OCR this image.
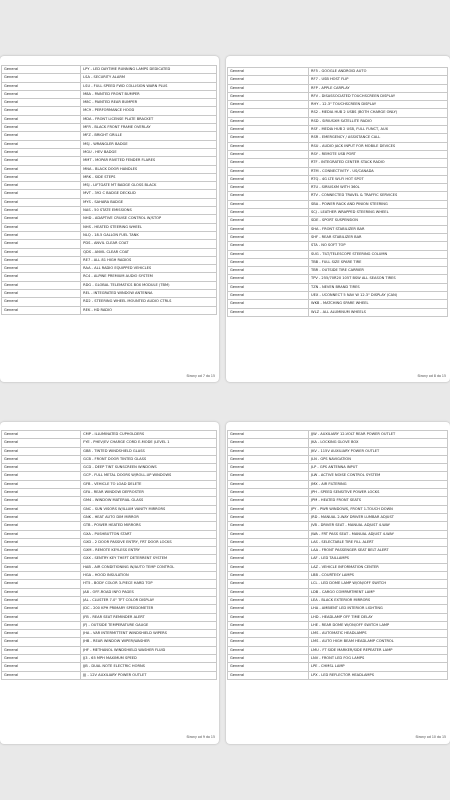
General	LPY - LED DAYTIME RUNNING LAMPS DEDICATED
General	LSA - SECURITY ALARM
General	LSU - FULL SPEED FWD COLLISION WARN PLUS
General	M8A - PAINTED FRONT BUMPER
General	M8C - PAINTED REAR BUMPER
General	MC9 - PERFORMANCE HOOD
General	MDA - FRONT LICENSE PLATE BRACKET
General	MFR - BLACK FRONT FRAME OVERLAY
General	MFZ - BRIGHT GRILLE
General	MSJ - WRANGLER BADGE
General	MGU - HEV BADGE
General	MMT - MOPAR RIVETED FENDER FLARES
General	MNA - BLACK DOOR HANDLES
General	MRK - SIDE STEPS
General	MSJ - LIFTGATE MT BADGE GLOSS BLACK
General	MVT - 392 C BADGE DECKLID
General	MYS - SAHARA BADGE
General	NAS - 50 STATE EMISSIONS
General	NHD - ADAPTIVE CRUISE CONTROL W/STOP
General	NHS - HEATED STEERING WHEEL
General	NLQ - 18.5 GALLON FUEL TANK
General	PDS - ANVIL CLEAR COAT
General	QDS - ANVIL CLEAR COAT
General	RE7 - ALL 81 HIGH RADIOS
General	RAA - ALL RADIO EQUIPPED VEHICLES
General	RC4 - ALPINE PREMIUM AUDIO SYSTEM
General	RDG - GLOBAL TELEMATICS BOX MODULE (TBM)
General	REL - INTEGRATED WINDOW ANTENNA
General	RD2 - STEERING WHEEL MOUNTED AUDIO CTRLS
General	REK - HD RADIO
Strony od 7 do 15
General	RF5 - GOOGLE ANDROID AUTO
General	RF7 - USB HOST FLIP
General	RFP - APPLE CARPLAY
General	RFV - DISASSOCIATED TOUCHSCREEN DISPLAY
General	RHY - 12.3" TOUCHSCREEN DISPLAY
General	RS2 - MEDIA HUB 2 USBS (BOTH CHARGE ONLY)
General	RSD - SIRIUSXM SATELLITE RADIO
General	RSF - MEDIA HUB 2 USB, FULL FUNCT, AUX
General	RSR - EMERGENCY / ASSISTANCE CALL
General	RSU - AUDIO JACK INPUT FOR MOBILE DEVICES
General	RSY - REMOTE USB PORT
General	RTF - INTEGRATED CENTER STACK RADIO
General	RTM - CONNECTIVITY - US/CANADA
General	RTQ - 4G LTE WI-FI HOT SPOT
General	RTU - SIRIUSXM WITH 360L
General	RTV - CONNECTED TRAVEL & TRAFFIC SERVICES
General	SBA - POWER RACK AND PINION STEERING
General	SCJ - LEATHER WRAPPED STEERING WHEEL
General	SDE - SPORT SUSPENSION
General	SHA - FRONT STABILIZER BAR
General	SHF - REAR STABILIZER BAR
General	STA - NO SOFT TOP
General	SUG - TILT/TELESCOPE STEERING COLUMN
General	TBB - FULL SIZE SPARE TIRE
General	TBR - OUTSIDE TIRE CARRIER
General	TPV - 255/70R20 105T BSW ALL SEASON TIRES
General	TZN - NEVEN BRAND TIRES
General	UEX - UCONNECT 5 NAV W 12.3" DISPLAY (CAN)
General	WKB - MATCHING SPARE WHEEL
General	WLZ - ALL ALUMINUM WHEELS
Strony od 8 do 15
General	CMP - ILLUMINATED CUPHOLDERS
General	FYE - PHEV/EV CHARGE CORD E-MODE (LEVEL 1
General	GB8 - TINTED WINDSHIELD GLASS
General	GCB - FRONT DOOR TINTED GLASS
General	GCD - DEEP TINT SUNSCREEN WINDOWS
General	GCP - FULL METAL DOORS W/ROLL-UP WINDOWS
General	GFB - VEHICLE TO LOAD DELETE
General	GFA - REAR WINDOW DEFROSTER
General	GM4 - WINDOW MATERIAL GLASS
General	GNC - SUN VISORS W/ILLUM VANITY MIRRORS
General	GNK - HEAT AUTO DIM MIRROR
General	GTB - POWER HEATED MIRRORS
General	GXA - PUSHBUTTON START
General	GXD - 2 DOOR PASSIVE ENTRY, FRT DOOR LOCKS
General	GXM - REMOTE KEYLESS ENTRY
General	GXX - SENTRY KEY THEFT DETERRENT SYSTEM
General	HAB - AIR CONDITIONING W/AUTO TEMP CONTROL
General	HGA - HOOD INSULATION
General	HT5 - BODY COLOR 3-PIECE HARD TOP
General	JA8 - OFF-ROAD INFO PAGES
General	JAL - CLUSTER 7.0" TFT COLOR DISPLAY
General	JDC - 200 KPH PRIMARY SPEEDOMETER
General	JFB - REAR SEAT REMINDER ALERT
General	JFJ - OUTSIDE TEMPERATURE GAUGE
General	JHA - VAR INTERMITTENT WINDSHIELD WIPERS
General	JHB - REAR WINDOW WIPER/WASHER
General	JHF - METHANOL WINDSHIELD WASHER FLUID
General	JJ3 - 65 MPH MAXIMUM SPEED
General	JJB - DUAL NOTE ELECTRIC HORNS
General	JJJ - 12V AUXILIARY POWER OUTLET
Strony od 9 do 15
General	JJW - AUXILIARY 12-VOLT REAR POWER OUTLET
General	JKA - LOCKING GLOVE BOX
General	JKV - 115V AUXILIARY POWER OUTLET
General	JLN - GPS NAVIGATION
General	JLP - GPS ANTENNA INPUT
General	JLW - ACTIVE NOISE CONTROL SYSTEM
General	JMX - AIR FILTERING
General	JPH - SPEED SENSITIVE POWER LOCKS
General	JPM - HEATED FRONT SEATS
General	JPY - PWR WINDOWS, FRONT 1-TOUCH DOWN
General	JRD - MANUAL 2-WAY DRIVER LUMBAR ADJUST
General	JVB - DRIVER SEAT - MANUAL ADJUST 4-WAY
General	JWA - FRT PASS SEAT - MANUAL ADJUST 4-WAY
General	LAS - SELECTABLE TIRE FILL ALERT
General	LAA - FRONT PASSENGER SEAT BELT ALERT
General	LAF - LED TAILLAMPS
General	LAZ - VEHICLE INFORMATION CENTER
General	LBB - COURTESY LAMPS
General	LCL - LED DOME LAMP W/ON/OFF SWITCH
General	LDB - CARGO COMPARTMENT LAMP
General	LEA - BLACK EXTERIOR MIRRORS
General	LHA - AMBIENT LED INTERIOR LIGHTING
General	LHD - HEADLAMP OFF TIME DELAY
General	LHE - REAR DOME W/ON/OFF SWITCH LAMP
General	LMS - AUTOMATIC HEADLAMPS
General	LMS - AUTO HIGH BEAM HEADLAMP CONTROL
General	LMU - FT SIDE MARKER/SIDE REPEATER LAMP
General	LNV - FRONT LED FOG LAMPS
General	LPE - CHMSL LAMP
General	LPX - LED REFLECTOR HEADLAMPS
Strony od 10 do 15
